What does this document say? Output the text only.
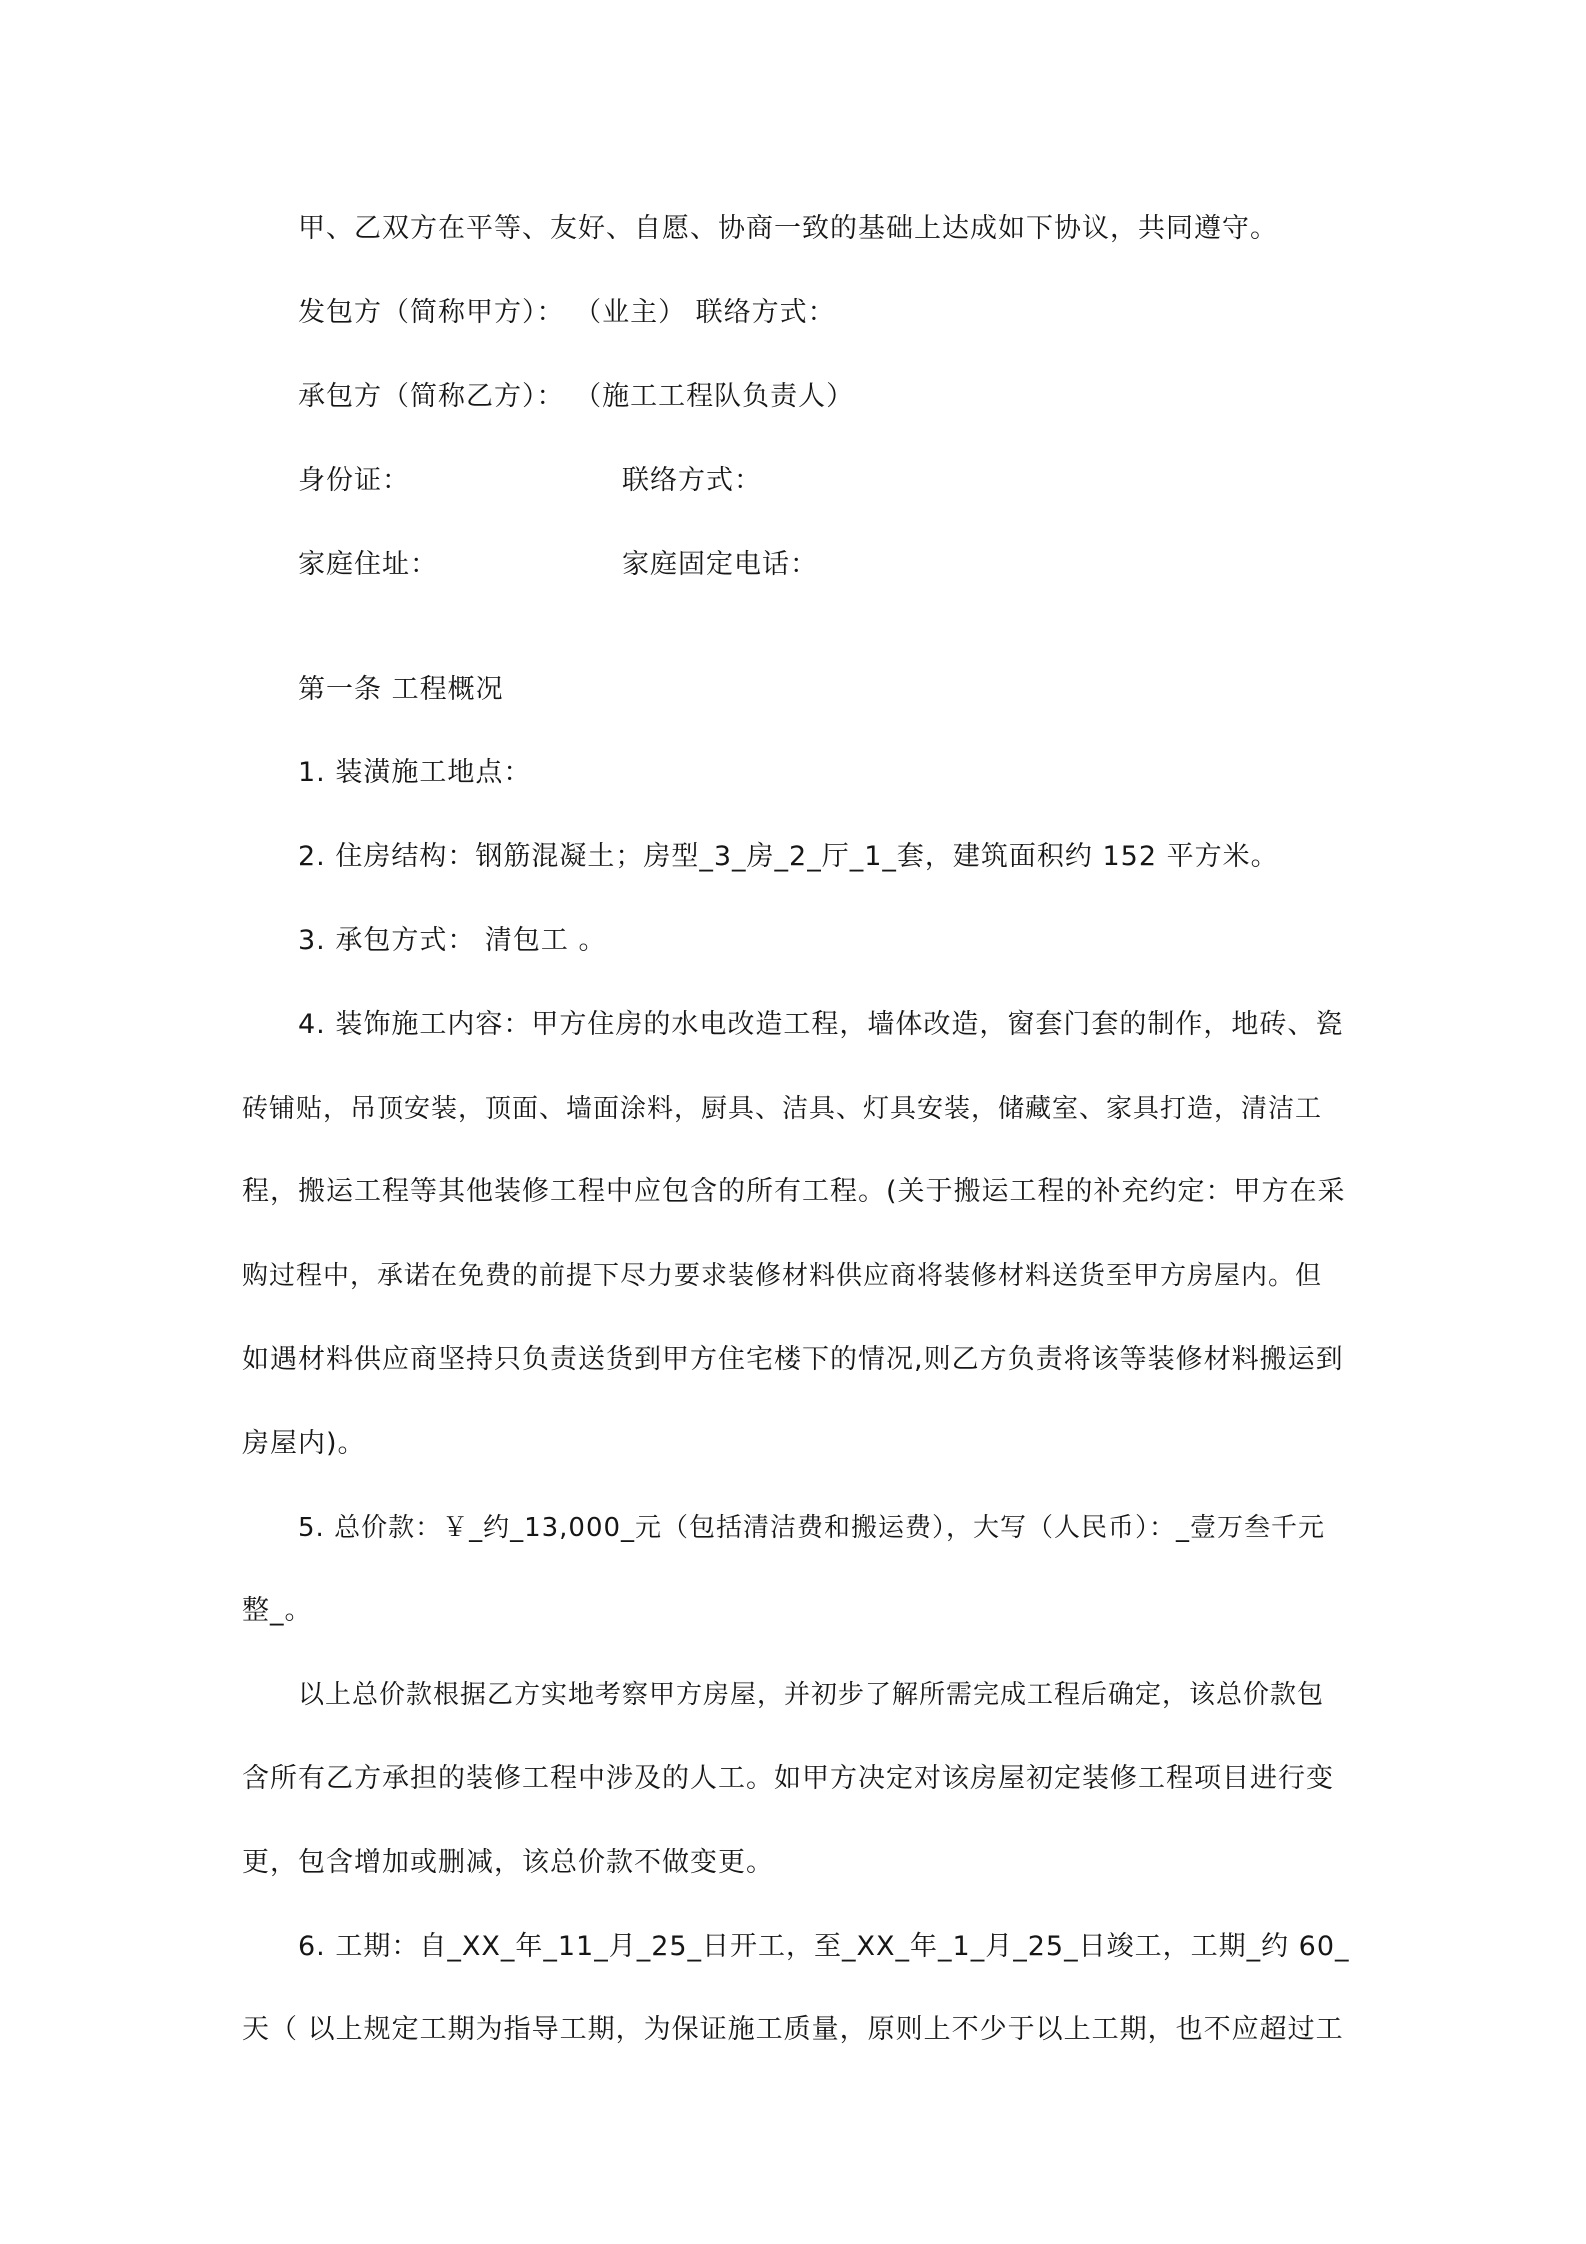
甲、乙双方在平等、友好、自愿、协商一致的基础上达成如下协议，共同遵守。
发包方（简称甲方）： （业主） 联络方式：
承包方（简称乙方）： （施工工程队负责人）
身份证：	联络方式：
家庭住址：	家庭固定电话：
第一条 工程概况
1. 装潢施工地点：
2. 住房结构：钢筋混凝土；房型_3_房_2_厅_1_套，建筑面积约 152 平方米。
3. 承包方式： 清包工 。
4. 装饰施工内容：甲方住房的水电改造工程，墙体改造，窗套门套的制作，地砖、瓷
砖铺贴，吊顶安装，顶面、墙面涂料，厨具、洁具、灯具安装，储藏室、家具打造，清洁工
程，搬运工程等其他装修工程中应包含的所有工程。(关于搬运工程的补充约定：甲方在采
购过程中，承诺在免费的前提下尽力要求装修材料供应商将装修材料送货至甲方房屋内。但
如遇材料供应商坚持只负责送货到甲方住宅楼下的情况,则乙方负责将该等装修材料搬运到
房屋内)。
5. 总价款：￥_约_13,000_元（包括清洁费和搬运费），大写（人民币）：_壹万叁千元
整_。
以上总价款根据乙方实地考察甲方房屋，并初步了解所需完成工程后确定，该总价款包
含所有乙方承担的装修工程中涉及的人工。如甲方决定对该房屋初定装修工程项目进行变
更，包含增加或删减，该总价款不做变更。
6. 工期：自_XX_年_11_月_25_日开工，至_XX_年_1_月_25_日竣工，工期_约 60_
天（ 以上规定工期为指导工期，为保证施工质量，原则上不少于以上工期，也不应超过工
